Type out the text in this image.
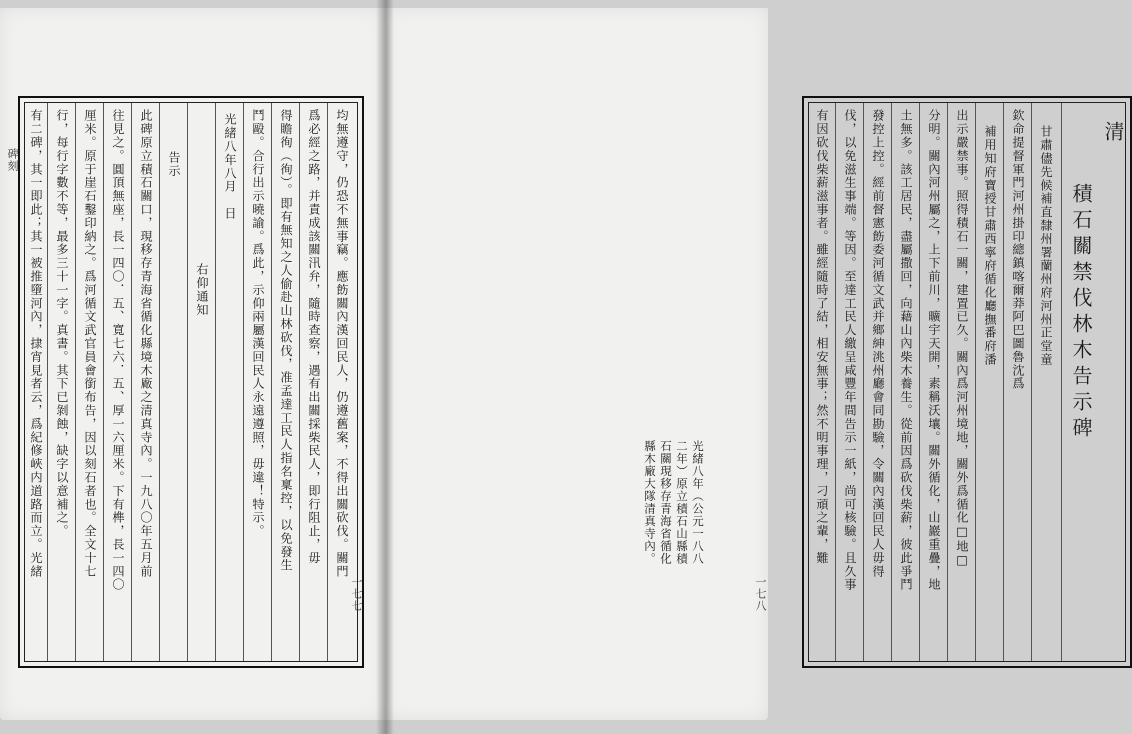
碑刻
一七七
均無遵守，仍恐不無事竊。應飭關內漢回民人，仍遵舊案，不得出關砍伐。關門
爲必經之路，并責成該關汛弁，隨時查察，遇有出關採柴民人，即行阻止，毋
得瞻徇（徇）。即有無知之人偷赴山林砍伐，准孟達工民人指名稟控，以免發生
鬥毆。合行出示曉諭。爲此，示仰兩屬漢回民人永遠遵照，毋違！特示。
光緒八年八月　日
右仰通知
告示
此碑原立積石關口，現移存青海省循化縣境木廠之清真寺內。一九八〇年五月前
往見之。圓頂無座，長一四〇．五、寬七六．五、厚一六厘米。下有榫，長一四〇
厘米。原于崖石鑿印納之。爲河循文武官員會銜布告，因以刻石者也。全文十七
行，每行字數不等，最多三十一字。真書。其下已剝蝕，缺字以意補之。
有二碑，其一即此；其一被推墮河內，捸宵見者云，爲紀修峽内道路而立。光緒
一七八
清
積石關禁伐林木告示碑
甘肅儘先候補直隸州署蘭州府河州正堂童
欽命提督軍門河州掛印總鎮喀爾莽阿巴圖魯沈爲
補用知府寶授甘肅西寧府循化廳撫番府潘
出示嚴禁事。照得積石一關，建置已久。關內爲河州境地，關外爲循化□地□
分明。關內河州屬之，上下前川，曠宇天開，素稱沃壤。關外循化，山巖重疊，地
土無多。該工居民，盡屬撒回，向藉山內柴木養生。從前因爲砍伐柴薪，彼此爭鬥
發控上控。經前督憲飭委河循文武并鄉紳洮州廳會同勘驗，令關內漢回民人毋得
伐，以免滋生事端。等因。至達工民人繳呈咸豐年間告示一紙，尚可核驗。且久事
有因砍伐柴薪滋事者。雖經隨時了結，相安無事；然不明事理，刁頑之輩，難
光緒八年（公元一八八
二年）原立積石山縣積
石關現移存青海省循化
縣木廠大隊清真寺內。
